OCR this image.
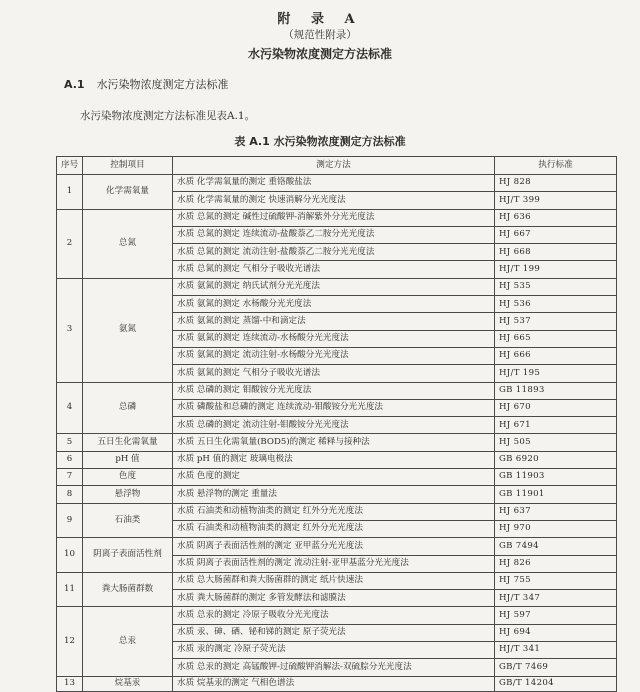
附 录 A
（规范性附录）
水污染物浓度测定方法标准
A.1 水污染物浓度测定方法标准
水污染物浓度测定方法标准见表A.1。
表 A.1 水污染物浓度测定方法标准
序号	控制项目	测定方法	执行标准
1	化学需氧量	水质 化学需氧量的测定 重铬酸盐法	HJ 828
		水质 化学需氧量的测定 快速消解分光光度法	HJ/T 399
2	总氮	水质 总氮的测定 碱性过硫酸钾-消解紫外分光光度法	HJ 636
		水质 总氮的测定 连续流动-盐酸萘乙二胺分光光度法	HJ 667
		水质 总氮的测定 流动注射-盐酸萘乙二胺分光光度法	HJ 668
		水质 总氮的测定 气相分子吸收光谱法	HJ/T 199
3	氨氮	水质 氨氮的测定 纳氏试剂分光光度法	HJ 535
		水质 氨氮的测定 水杨酸分光光度法	HJ 536
		水质 氨氮的测定 蒸馏-中和滴定法	HJ 537
		水质 氨氮的测定 连续流动-水杨酸分光光度法	HJ 665
		水质 氨氮的测定 流动注射-水杨酸分光光度法	HJ 666
		水质 氨氮的测定 气相分子吸收光谱法	HJ/T 195
4	总磷	水质 总磷的测定 钼酸铵分光光度法	GB 11893
		水质 磷酸盐和总磷的测定 连续流动-钼酸铵分光光度法	HJ 670
		水质 总磷的测定 流动注射-钼酸铵分光光度法	HJ 671
5	五日生化需氧量	水质 五日生化需氧量(BOD5)的测定 稀释与接种法	HJ 505
6	pH 值	水质 pH 值的测定 玻璃电极法	GB 6920
7	色度	水质 色度的测定	GB 11903
8	悬浮物	水质 悬浮物的测定 重量法	GB 11901
9	石油类	水质 石油类和动植物油类的测定 红外分光光度法	HJ 637
		水质 石油类和动植物油类的测定 红外分光光度法	HJ 970
10	阴离子表面活性剂	水质 阴离子表面活性剂的测定 亚甲蓝分光光度法	GB 7494
		水质 阴离子表面活性剂的测定 流动注射-亚甲基蓝分光光度法	HJ 826
11	粪大肠菌群数	水质 总大肠菌群和粪大肠菌群的测定 纸片快速法	HJ 755
		水质 粪大肠菌群的测定 多管发酵法和滤膜法	HJ/T 347
12	总汞	水质 总汞的测定 冷原子吸收分光光度法	HJ 597
		水质 汞、砷、硒、铋和锑的测定 原子荧光法	HJ 694
		水质 汞的测定 冷原子荧光法	HJ/T 341
		水质 总汞的测定 高锰酸钾-过硫酸钾消解法-双硫腙分光光度法	GB/T 7469
13	烷基汞	水质 烷基汞的测定 气相色谱法	GB/T 14204
